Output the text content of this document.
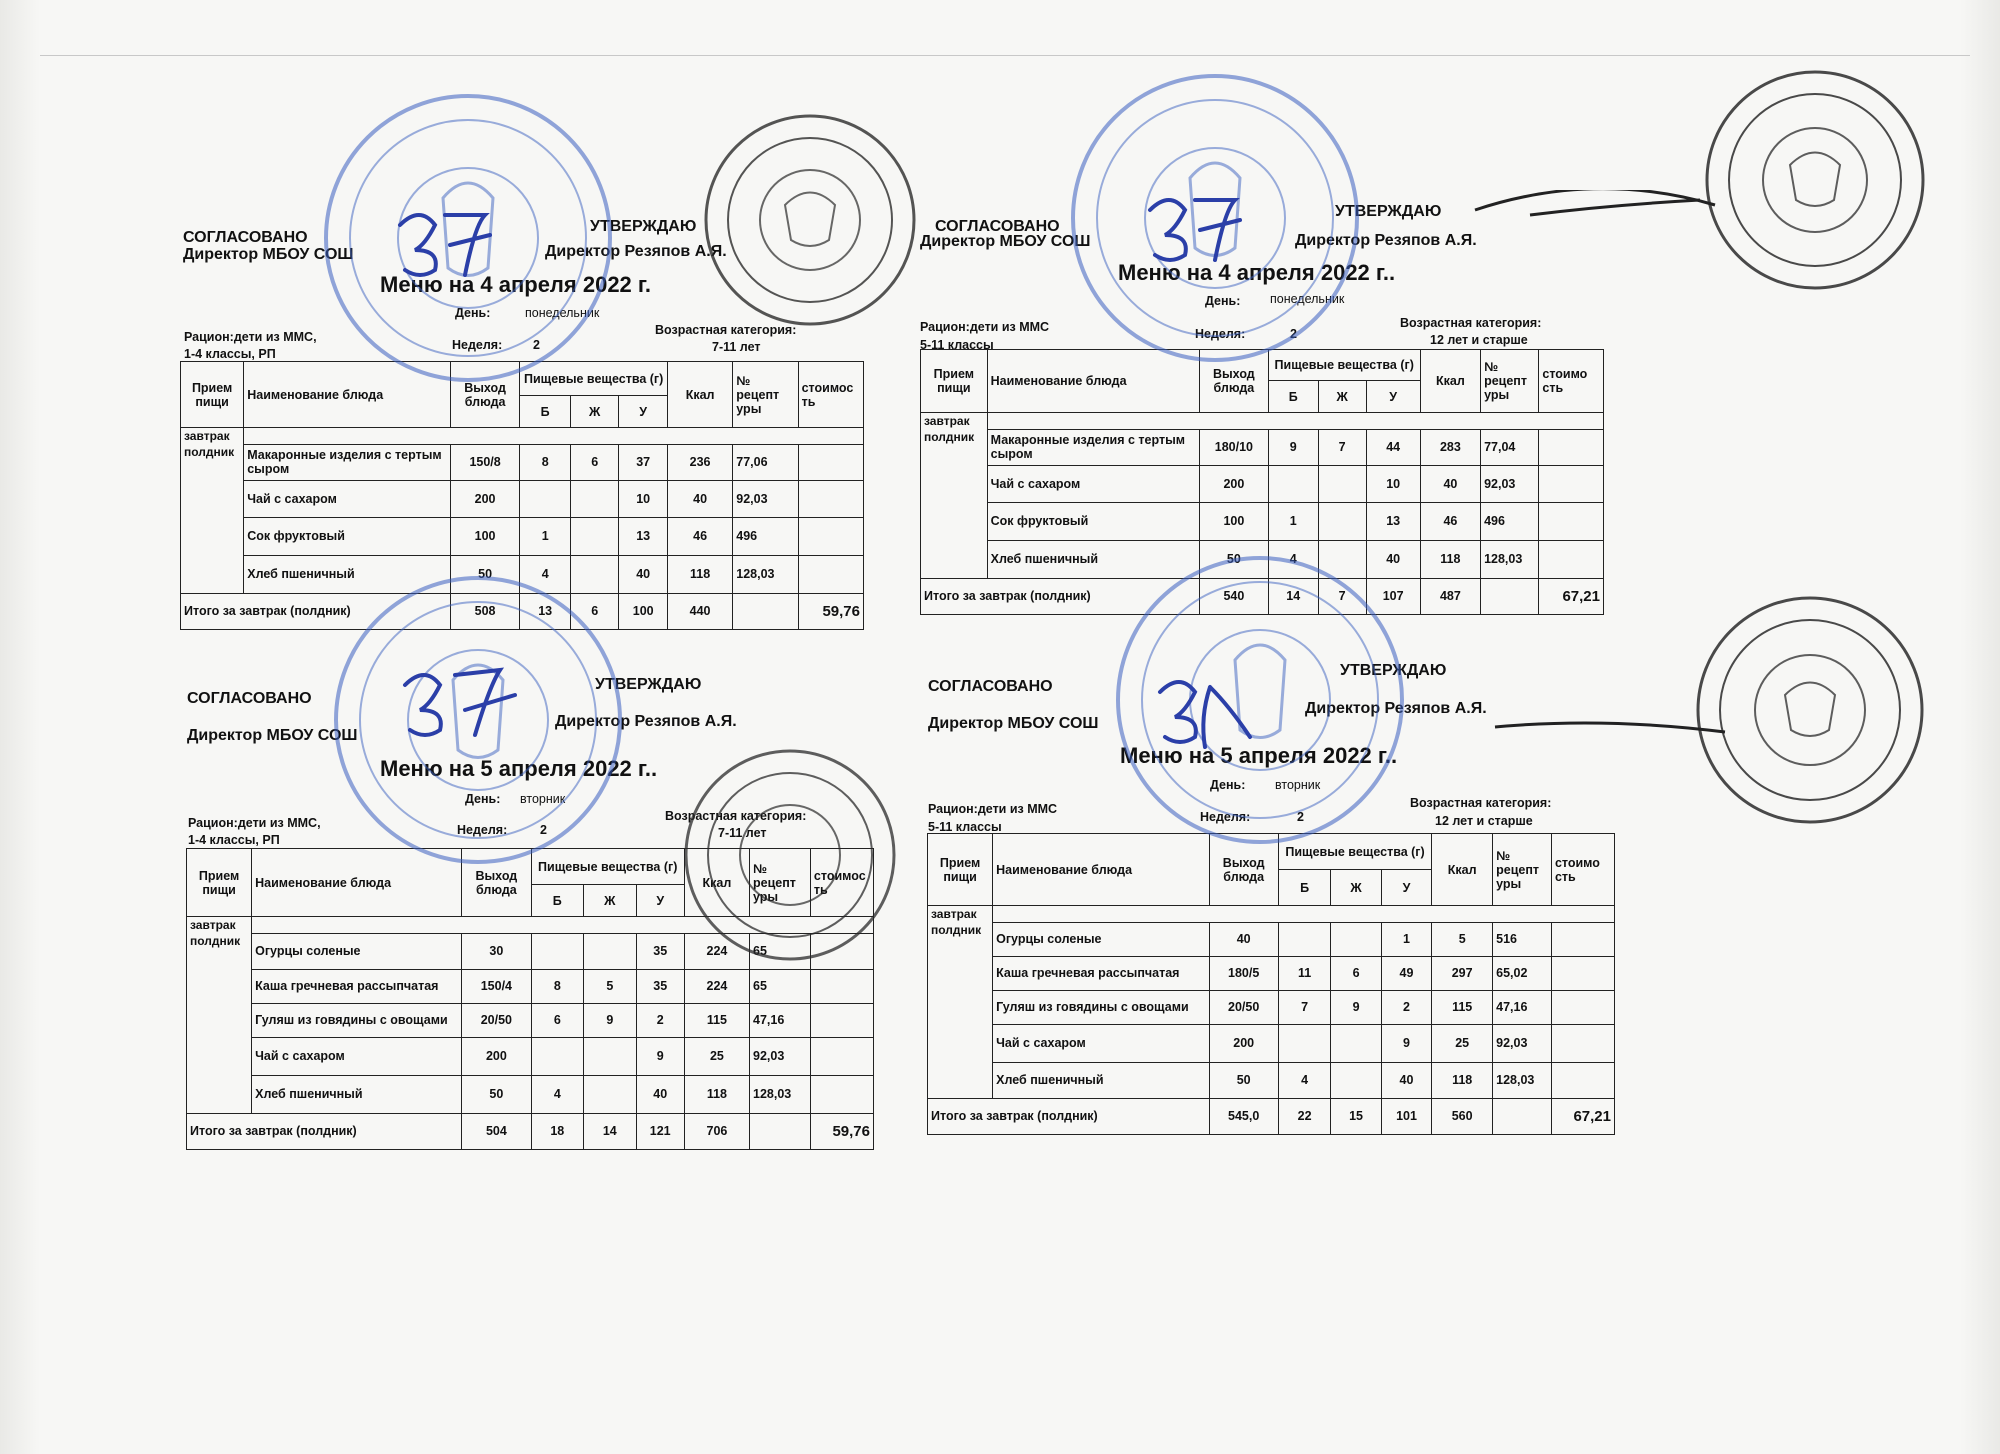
СОГЛАСОВАНО
Директор МБОУ СОШ
УТВЕРЖДАЮ
Директор Резяпов А.Я.
Меню на 4 апреля 2022 г.
День:	понедельник
Неделя: 2
Рацион:дети из ММС,
1-4 классы, РП
Возрастная категория:
7-11 лет
Прием пищи	Наименование блюда	Выход блюда	Пищевые вещества (г)			Ккал	№ рецепт уры	стоимос ть
			Б	Ж	У			
завтрак								
полдник	Макаронные изделия с тертым сыром	150/8	8	6	37	236	77,06	
	Чай с сахаром	200			10	40	92,03	
	Сок фруктовый	100	1		13	46	496	
	Хлеб пшеничный	50	4		40	118	128,03	
Итого за завтрак (полдник)		508	13	6	100	440		59,76
СОГЛАСОВАНО
Директор МБОУ СОШ
УТВЕРЖДАЮ
Директор Резяпов А.Я.
Меню на 4 апреля 2022 г..
День: понедельник
Неделя:	2
Рацион:дети из ММС
5-11 классы
Возрастная категория:
12 лет и старше
Прием пищи	Наименование блюда	Выход блюда	Пищевые вещества (г)			Ккал	№ рецепт уры	стоимо сть
			Б	Ж	У			
завтрак								
полдник	Макаронные изделия с тертым сыром	180/10	9	7	44	283	77,04	
	Чай с сахаром	200			10	40	92,03	
	Сок фруктовый	100	1		13	46	496	
	Хлеб пшеничный	50	4		40	118	128,03	
Итого за завтрак (полдник)		540	14	7	107	487		67,21
СОГЛАСОВАНО
Директор МБОУ СОШ
УТВЕРЖДАЮ
Директор Резяпов А.Я.
Меню на 5 апреля 2022 г..
День: вторник
Неделя:	2
Рацион:дети из ММС,
1-4 классы, РП
Возрастная категория:
7-11 лет
Прием пищи	Наименование блюда	Выход блюда	Пищевые вещества (г)			Ккал	№ рецепт уры	стоимос ть
			Б	Ж	У			
завтрак								
полдник	Огурцы соленые	30			35	224	65	
	Каша гречневая рассыпчатая	150/4	8	5	35	224	65	
	Гуляш из говядины с овощами	20/50	6	9	2	115	47,16	
	Чай с сахаром	200			9	25	92,03	
	Хлеб пшеничный	50	4		40	118	128,03	
Итого за завтрак (полдник)		504	18	14	121	706		59,76
СОГЛАСОВАНО
Директор МБОУ СОШ
УТВЕРЖДАЮ
Директор Резяпов А.Я.
Меню на 5 апреля 2022 г..
День: вторник
Неделя:	2
Рацион:дети из ММС
5-11 классы
Возрастная категория:
12 лет и старше
Прием пищи	Наименование блюда	Выход блюда	Пищевые вещества (г)			Ккал	№ рецепт уры	стоимо сть
			Б	Ж	У			
завтрак								
полдник	Огурцы соленые	40			1	5	516	
	Каша гречневая рассыпчатая	180/5	11	6	49	297	65,02	
	Гуляш из говядины с овощами	20/50	7	9	2	115	47,16	
	Чай с сахаром	200			9	25	92,03	
	Хлеб пшеничный	50	4		40	118	128,03	
Итого за завтрак (полдник)		545,0	22	15	101	560		67,21
